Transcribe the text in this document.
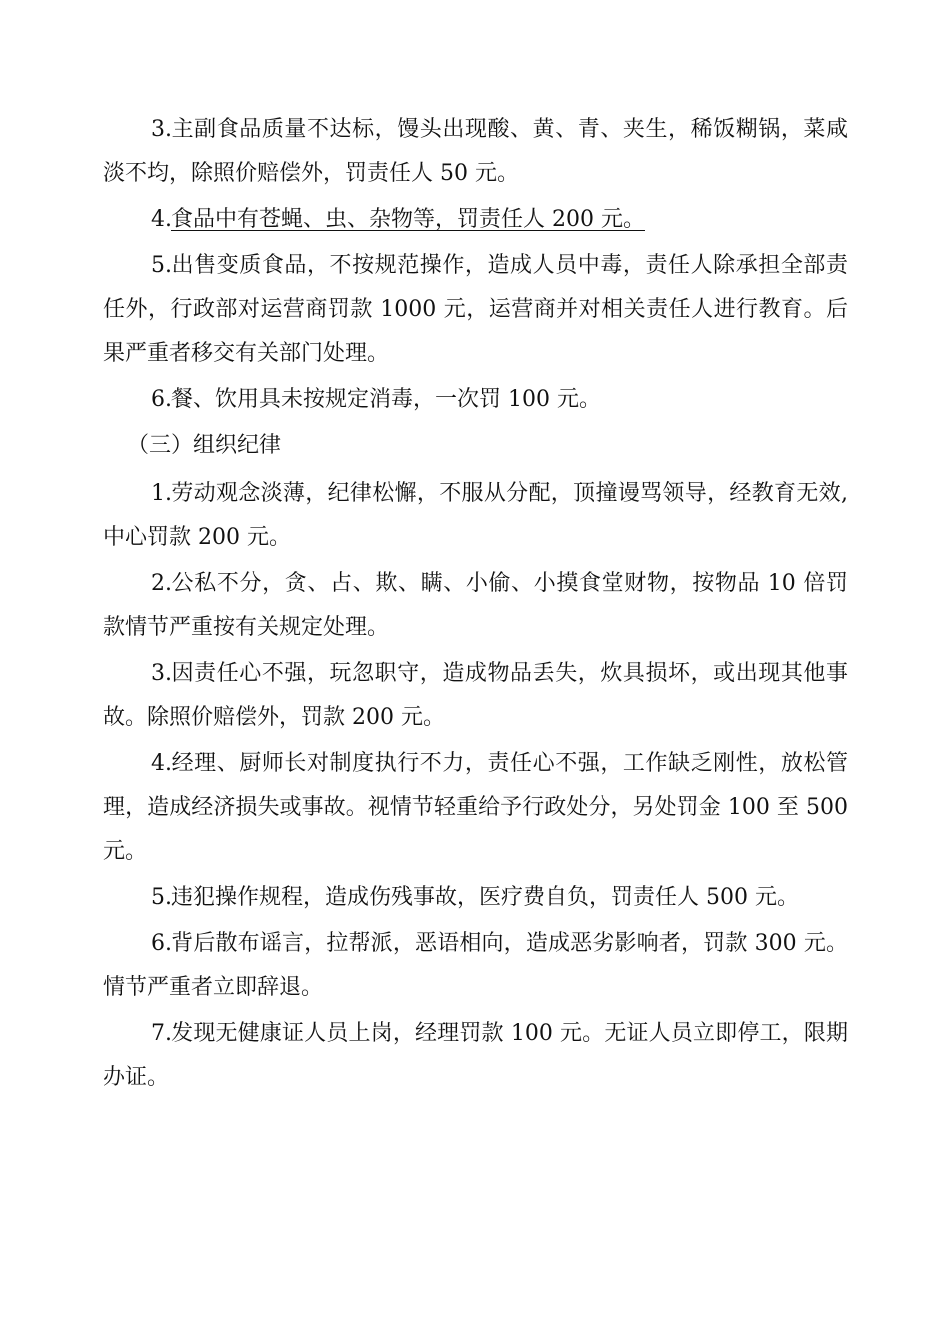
3.主副食品质量不达标，馒头出现酸、黄、青、夹生，稀饭糊锅，菜咸淡不均，除照价赔偿外，罚责任人 50 元。

4.食品中有苍蝇、虫、杂物等，罚责任人 200 元。

5.出售变质食品，不按规范操作，造成人员中毒，责任人除承担全部责任外，行政部对运营商罚款 1000 元，运营商并对相关责任人进行教育。后果严重者移交有关部门处理。

6.餐、饮用具未按规定消毒，一次罚 100 元。

（三）组织纪律

1.劳动观念淡薄，纪律松懈，不服从分配，顶撞谩骂领导，经教育无效,中心罚款 200 元。

2.公私不分，贪、占、欺、瞒、小偷、小摸食堂财物，按物品 10 倍罚款情节严重按有关规定处理。

3.因责任心不强，玩忽职守，造成物品丢失，炊具损坏，或出现其他事故。除照价赔偿外，罚款 200 元。

4.经理、厨师长对制度执行不力，责任心不强，工作缺乏刚性，放松管理，造成经济损失或事故。视情节轻重给予行政处分，另处罚金 100 至 500 元。

5.违犯操作规程，造成伤残事故，医疗费自负，罚责任人 500 元。

6.背后散布谣言，拉帮派，恶语相向，造成恶劣影响者，罚款 300 元。情节严重者立即辞退。

7.发现无健康证人员上岗，经理罚款 100 元。无证人员立即停工，限期办证。
